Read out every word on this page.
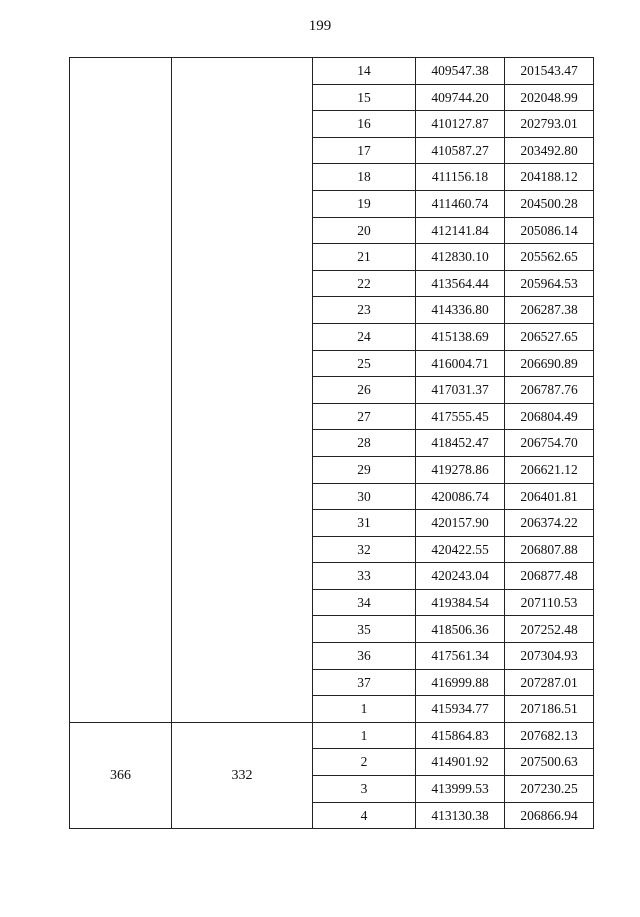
199
		14	409547.38	201543.47
		15	409744.20	202048.99
		16	410127.87	202793.01
		17	410587.27	203492.80
		18	411156.18	204188.12
		19	411460.74	204500.28
		20	412141.84	205086.14
		21	412830.10	205562.65
		22	413564.44	205964.53
		23	414336.80	206287.38
		24	415138.69	206527.65
		25	416004.71	206690.89
		26	417031.37	206787.76
		27	417555.45	206804.49
		28	418452.47	206754.70
		29	419278.86	206621.12
		30	420086.74	206401.81
		31	420157.90	206374.22
		32	420422.55	206807.88
		33	420243.04	206877.48
		34	419384.54	207110.53
		35	418506.36	207252.48
		36	417561.34	207304.93
		37	416999.88	207287.01
		1	415934.77	207186.51
366	332	1	415864.83	207682.13
		2	414901.92	207500.63
		3	413999.53	207230.25
		4	413130.38	206866.94
